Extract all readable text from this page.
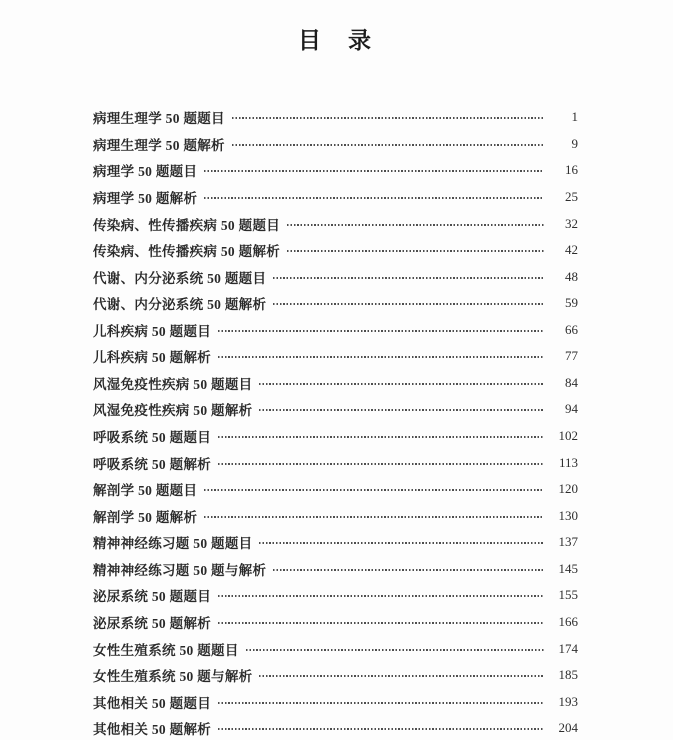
目　录
病理生理学 50 题题目	1
病理生理学 50 题解析	9
病理学 50 题题目	16
病理学 50 题解析	25
传染病、性传播疾病 50 题题目	32
传染病、性传播疾病 50 题解析	42
代谢、内分泌系统 50 题题目	48
代谢、内分泌系统 50 题解析	59
儿科疾病 50 题题目	66
儿科疾病 50 题解析	77
风湿免疫性疾病 50 题题目	84
风湿免疫性疾病 50 题解析	94
呼吸系统 50 题题目	102
呼吸系统 50 题解析	113
解剖学 50 题题目	120
解剖学 50 题解析	130
精神神经练习题 50 题题目	137
精神神经练习题 50 题与解析	145
泌尿系统 50 题题目	155
泌尿系统 50 题解析	166
女性生殖系统 50 题题目	174
女性生殖系统 50 题与解析	185
其他相关 50 题题目	193
其他相关 50 题解析	204
